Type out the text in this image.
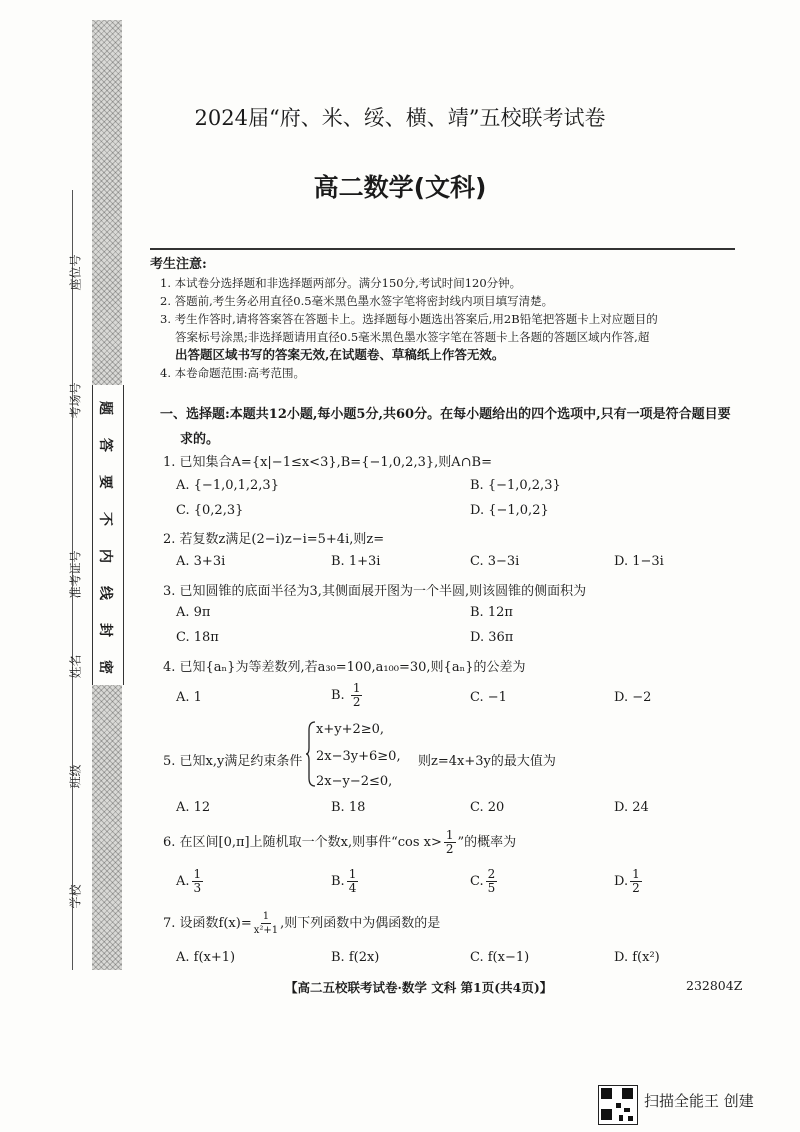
题
答
要
不
内
线
封
密
座位号
考场号
准考证号
姓名
班级
学校
2024届“府、米、绥、横、靖”五校联考试卷
高二数学(文科)
考生注意:
1. 本试卷分选择题和非选择题两部分。满分150分,考试时间120分钟。
2. 答题前,考生务必用直径0.5毫米黑色墨水签字笔将密封线内项目填写清楚。
3. 考生作答时,请将答案答在答题卡上。选择题每小题选出答案后,用2B铅笔把答题卡上对应题目的
答案标号涂黑;非选择题请用直径0.5毫米黑色墨水签字笔在答题卡上各题的答题区域内作答,超
出答题区域书写的答案无效,在试题卷、草稿纸上作答无效。
4. 本卷命题范围:高考范围。
一、选择题:本题共12小题,每小题5分,共60分。在每小题给出的四个选项中,只有一项是符合题目要
求的。
1. 已知集合A={x|−1≤x<3},B={−1,0,2,3},则A∩B=
A. {−1,0,1,2,3}	B. {−1,0,2,3}
C. {0,2,3}	D. {−1,0,2}
2. 若复数z满足(2−i)z−i=5+4i,则z=
A. 3+3i	B. 1+3i	C. 3−3i	D. 1−3i
3. 已知圆锥的底面半径为3,其侧面展开图为一个半圆,则该圆锥的侧面积为
A. 9π	B. 12π
C. 18π	D. 36π
4. 已知{aₙ}为等差数列,若a₃₀=100,a₁₀₀=30,则{aₙ}的公差为
A. 1	B. $\frac{1}{2}$	C. −1	D. −2
5. 已知x,y满足约束条件
x+y+2≥0,
2x−3y+6≥0,
2x−y−2≤0,
则z=4x+3y的最大值为
A. 12	B. 18	C. 20	D. 24
6. 在区间[0,π]上随机取一个数x,则事件“cos $x> \frac{1}{2}$ ”的概率为
A. $\frac{1}{3}$	B. $\frac{1}{4}$	C. $\frac{2}{5}$	D. $\frac{1}{2}$
7. 设函数$f(x)= \frac{1}{\text{x²+1}}$ ,则下列函数中为偶函数的是
A. f(x+1)	B. f(2x)	C. f(x−1)	D. f(x²)
【高二五校联考试卷·数学 文科 第1页(共4页)】	232804Z
扫描全能王 创建
